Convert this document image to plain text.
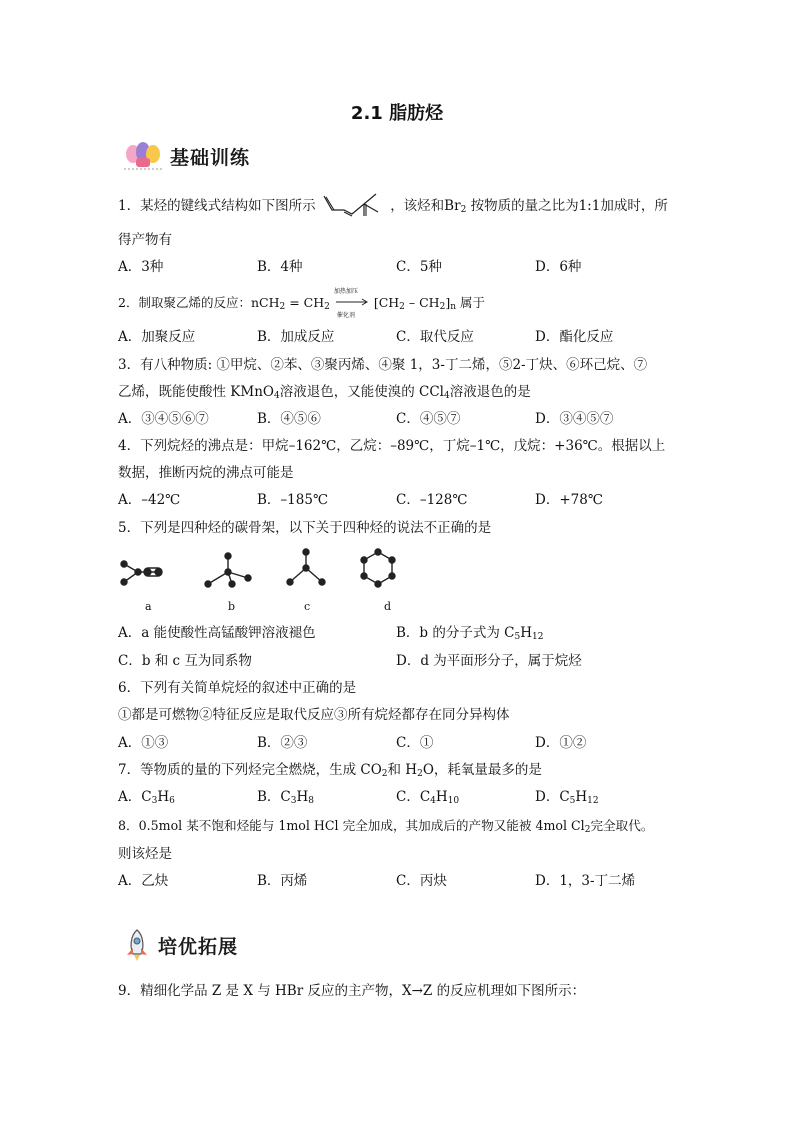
2.1 脂肪烃
基础训练
1．某烃的键线式结构如下图所示	，该烃和$Br_2$ 按物质的量之比为1:1加成时，所
得产物有
A．3种	B．4种	C．5种	D．6种
2．制取聚乙烯的反应：$nCH_2 = CH_2$
加热加压
催化剂
$[CH_2 - CH_2]_n$ 属于
A．加聚反应	B．加成反应	C．取代反应	D．酯化反应
3．有八种物质: ①甲烷、②苯、③聚丙烯、④聚 1，3-丁二烯，⑤2-丁炔、⑥环己烷、⑦
乙烯，既能使酸性 KMnO$_4$溶液退色，又能使溴的 CCl$_4$溶液退色的是
A．③④⑤⑥⑦	B．④⑤⑥	C．④⑤⑦	D．③④⑤⑦
4．下列烷烃的沸点是：甲烷–162℃，乙烷：–89℃，丁烷–1℃，戊烷：+36℃。根据以上
数据，推断丙烷的沸点可能是
A．–42℃	B．–185℃	C．–128℃	D．+78℃
5．下列是四种烃的碳骨架，以下关于四种烃的说法不正确的是
a	b	c	d
A．a 能使酸性高锰酸钾溶液褪色	B．b 的分子式为 $C_5H_{12}$
C．b 和 c 互为同系物	D．d 为平面形分子，属于烷烃
6．下列有关简单烷烃的叙述中正确的是
①都是可燃物②特征反应是取代反应③所有烷烃都存在同分异构体
A．①③	B．②③	C．①	D．①②
7．等物质的量的下列烃完全燃烧，生成 $CO_2$和 $H_2O$，耗氧量最多的是
A．$C_3H_6$	B．$C_3H_8$	C．$C_4H_{10}$	D．$C_5H_{12}$
8．0.5mol 某不饱和烃能与 1mol HCl 完全加成，其加成后的产物又能被 4mol $Cl_2$完全取代。
则该烃是
A．乙炔	B．丙烯	C．丙炔	D．1，3-丁二烯
培优拓展
9．精细化学品 Z 是 X 与 HBr 反应的主产物，X→Z 的反应机理如下图所示：
